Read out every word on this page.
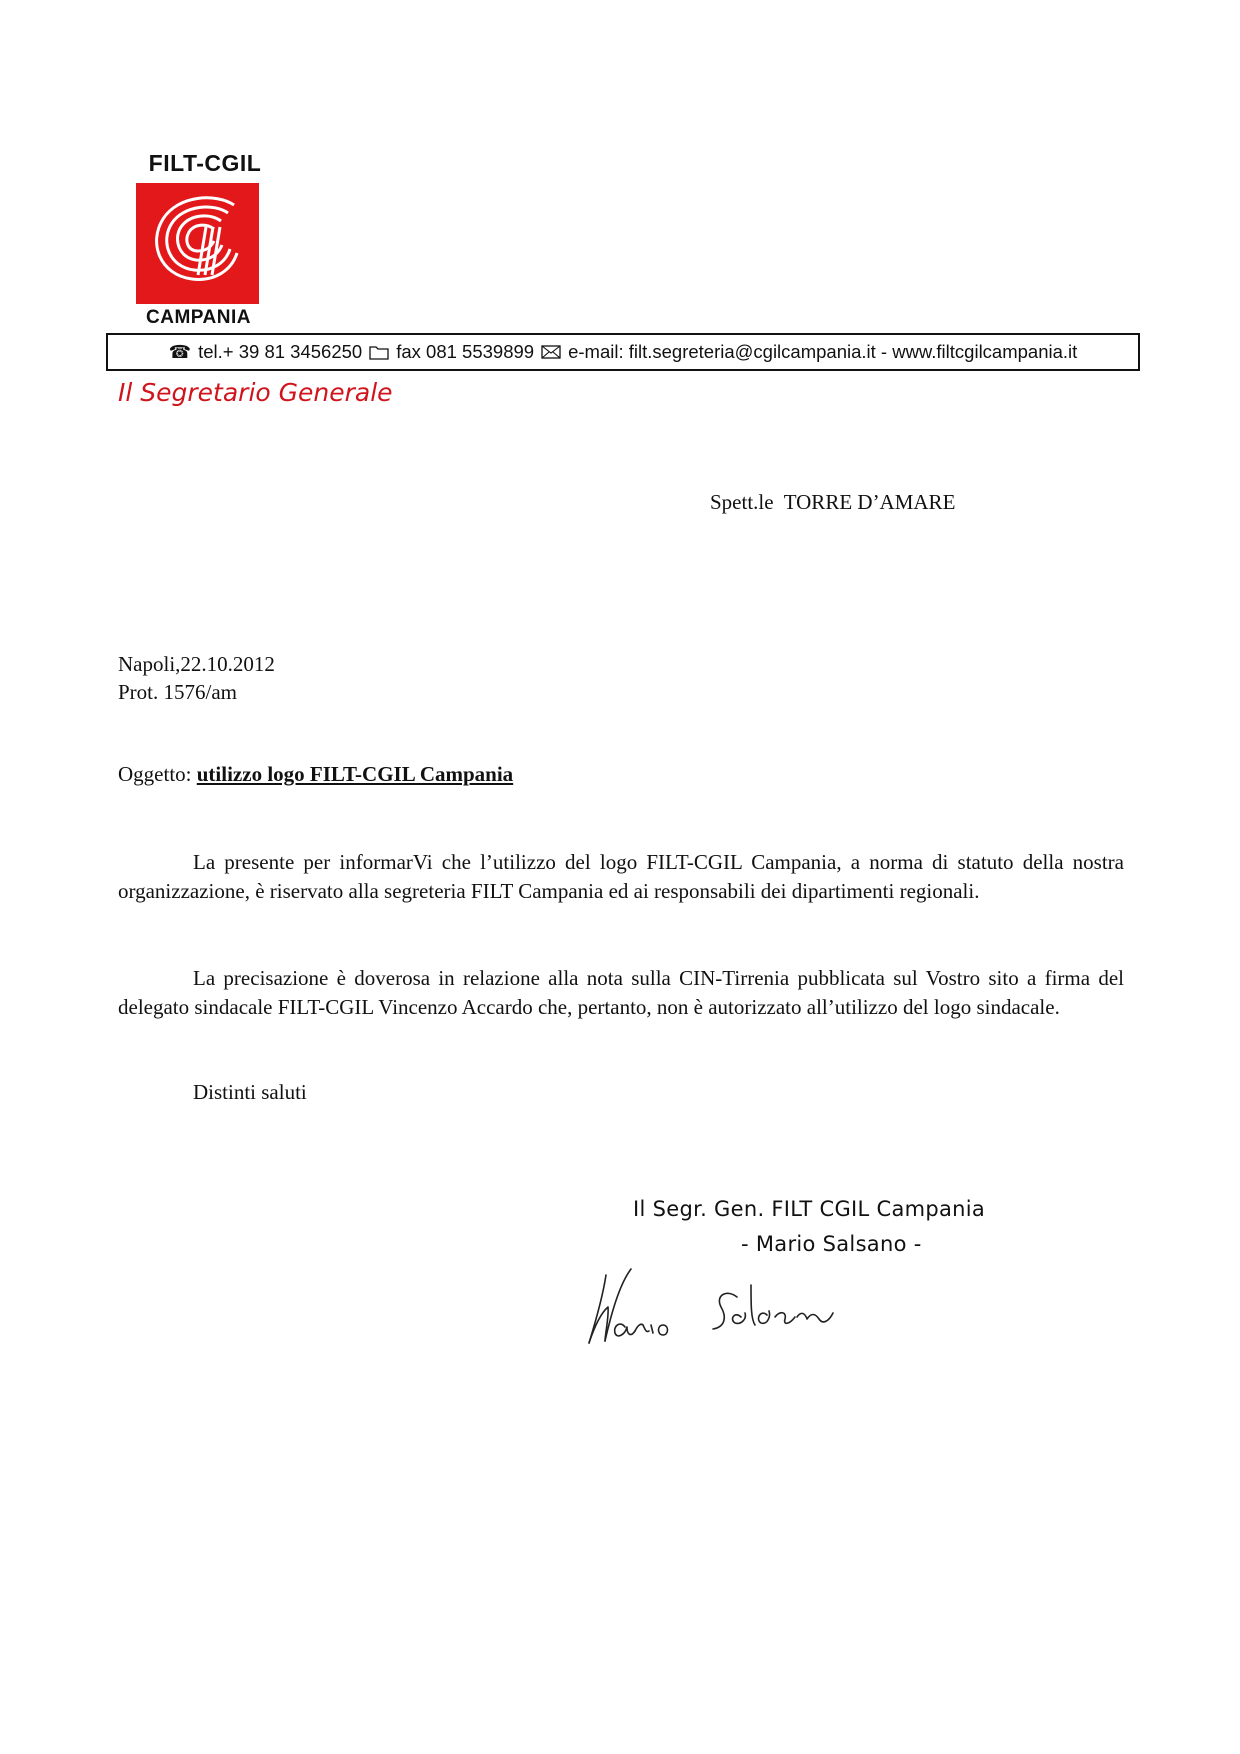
FILT-CGIL
CAMPANIA
☎ tel.+ 39 81 3456250 fax 081 5539899 e-mail: filt.segreteria@cgilcampania.it - www.filtcgilcampania.it
Il Segretario Generale
Spett.le  TORRE D’AMARE
Napoli,22.10.2012
Prot. 1576/am
Oggetto: utilizzo logo FILT-CGIL Campania

La presente per informarVi che l’utilizzo del logo FILT-CGIL Campania, a norma di statuto della nostra organizzazione, è riservato alla segreteria FILT Campania ed ai responsabili dei dipartimenti regionali.

La precisazione è doverosa in relazione alla nota sulla CIN-Tirrenia pubblicata sul Vostro sito a firma del delegato sindacale FILT-CGIL Vincenzo Accardo che, pertanto, non è autorizzato all’utilizzo del logo sindacale.

Distinti saluti
Il Segr. Gen. FILT CGIL Campania
- Mario Salsano -
